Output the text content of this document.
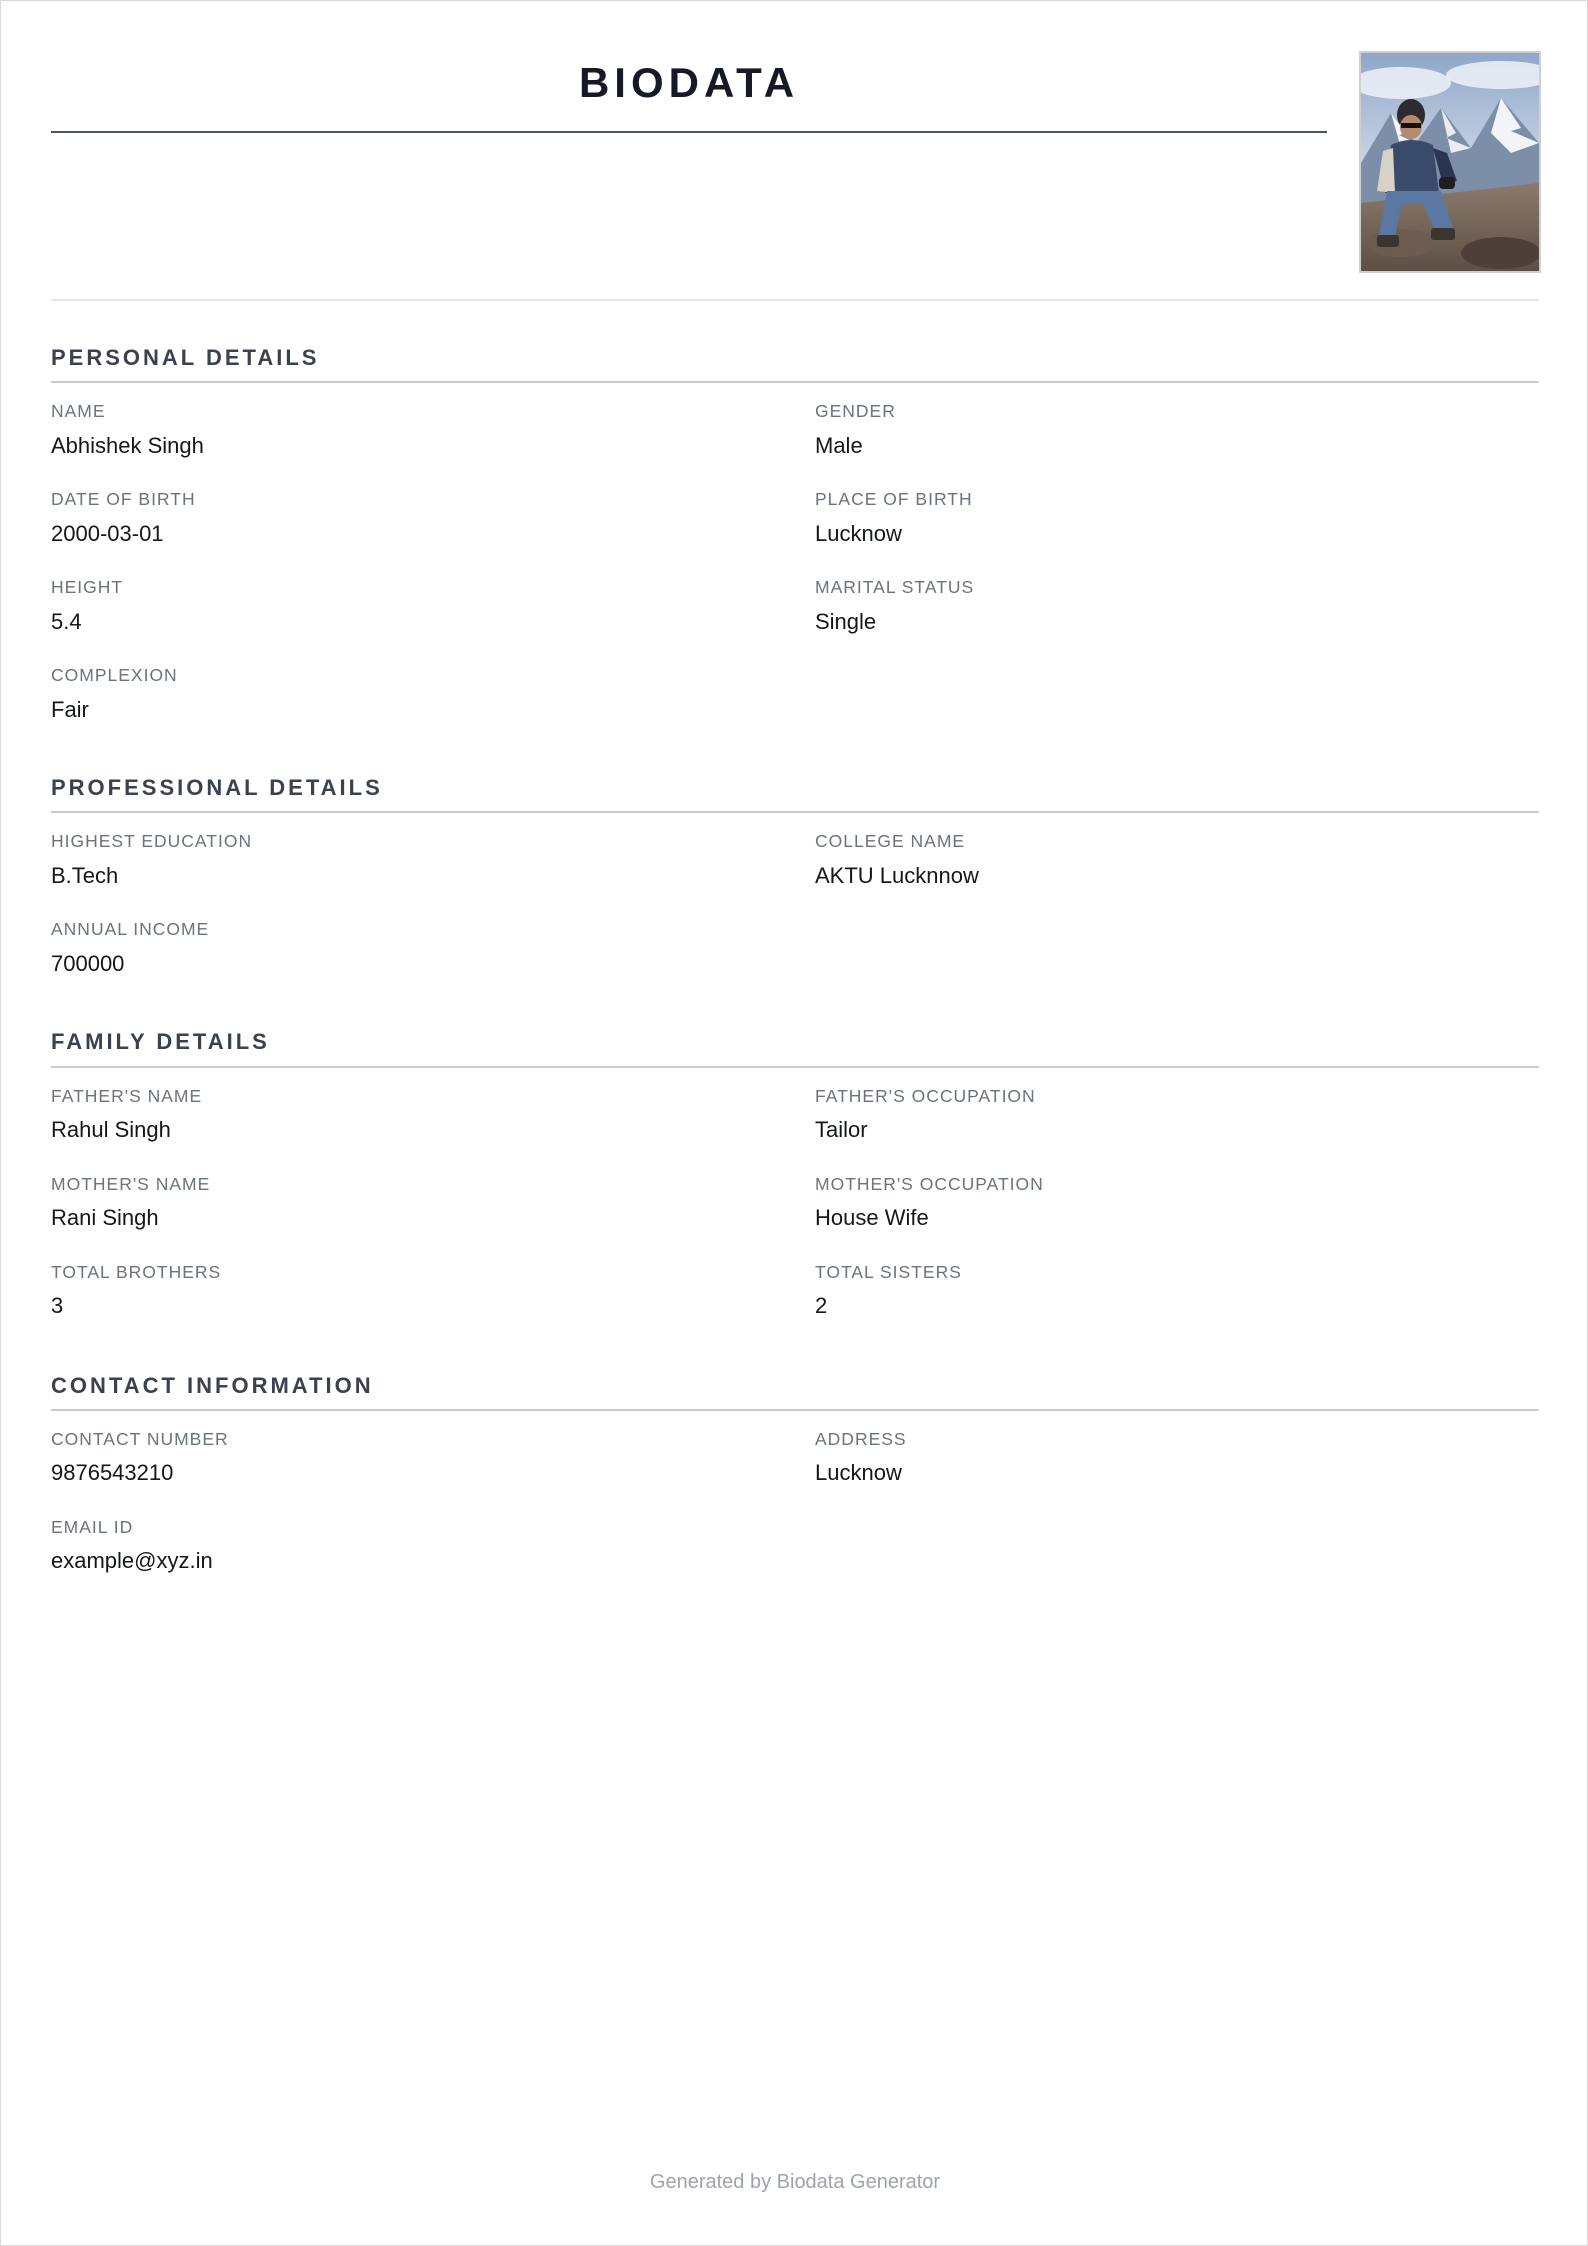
BIODATA
PERSONAL DETAILS
NAME
Abhishek Singh
GENDER
Male
DATE OF BIRTH
2000-03-01
PLACE OF BIRTH
Lucknow
HEIGHT
5.4
MARITAL STATUS
Single
COMPLEXION
Fair
PROFESSIONAL DETAILS
HIGHEST EDUCATION
B.Tech
COLLEGE NAME
AKTU Lucknnow
ANNUAL INCOME
700000
FAMILY DETAILS
FATHER'S NAME
Rahul Singh
FATHER'S OCCUPATION
Tailor
MOTHER'S NAME
Rani Singh
MOTHER'S OCCUPATION
House Wife
TOTAL BROTHERS
3
TOTAL SISTERS
2
CONTACT INFORMATION
CONTACT NUMBER
9876543210
ADDRESS
Lucknow
EMAIL ID
example@xyz.in
Generated by Biodata Generator
